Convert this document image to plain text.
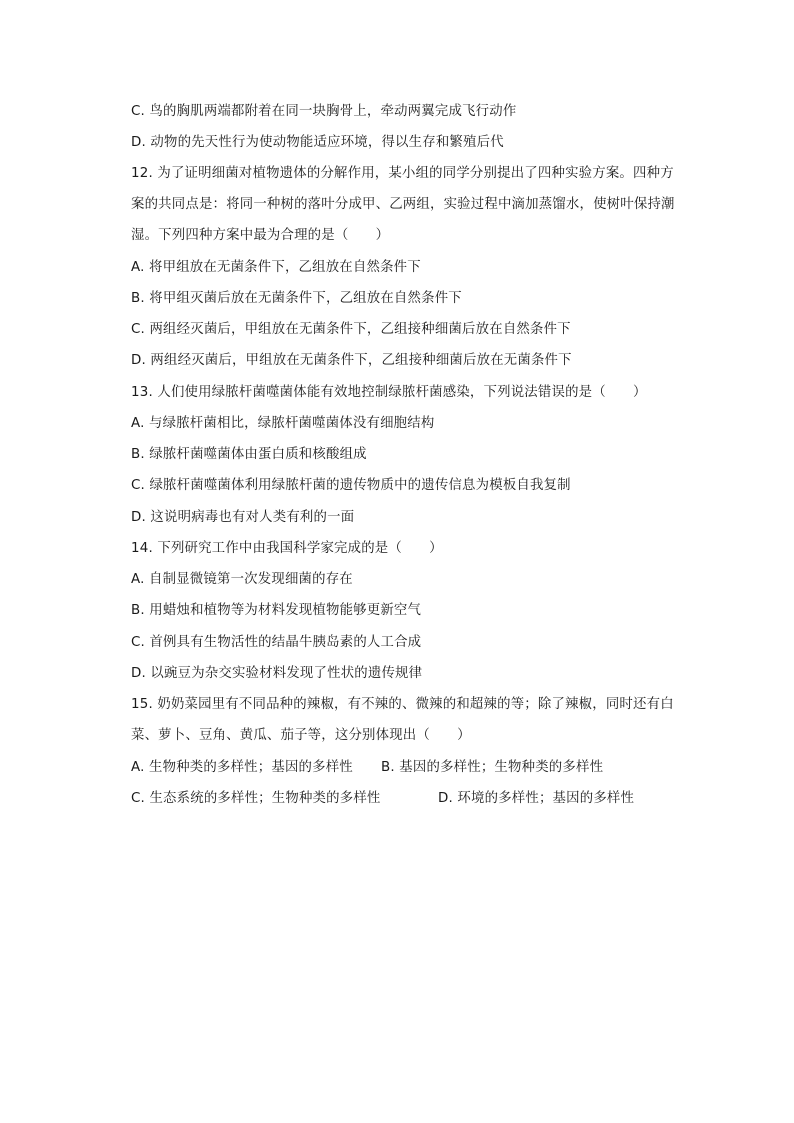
C. 鸟的胸肌两端都附着在同一块胸骨上，牵动两翼完成飞行动作
D. 动物的先天性行为使动物能适应环境，得以生存和繁殖后代
12. 为了证明细菌对植物遗体的分解作用，某小组的同学分别提出了四种实验方案。四种方
案的共同点是：将同一种树的落叶分成甲、乙两组，实验过程中滴加蒸馏水，使树叶保持潮
湿。下列四种方案中最为合理的是（　　）
A. 将甲组放在无菌条件下，乙组放在自然条件下
B. 将甲组灭菌后放在无菌条件下，乙组放在自然条件下
C. 两组经灭菌后，甲组放在无菌条件下，乙组接种细菌后放在自然条件下
D. 两组经灭菌后，甲组放在无菌条件下，乙组接种细菌后放在无菌条件下
13. 人们使用绿脓杆菌噬菌体能有效地控制绿脓杆菌感染，下列说法错误的是（　　）
A. 与绿脓杆菌相比，绿脓杆菌噬菌体没有细胞结构
B. 绿脓杆菌噬菌体由蛋白质和核酸组成
C. 绿脓杆菌噬菌体利用绿脓杆菌的遗传物质中的遗传信息为模板自我复制
D. 这说明病毒也有对人类有利的一面
14. 下列研究工作中由我国科学家完成的是（　　）
A. 自制显微镜第一次发现细菌的存在
B. 用蜡烛和植物等为材料发现植物能够更新空气
C. 首例具有生物活性的结晶牛胰岛素的人工合成
D. 以豌豆为杂交实验材料发现了性状的遗传规律
15. 奶奶菜园里有不同品种的辣椒，有不辣的、微辣的和超辣的等；除了辣椒，同时还有白
菜、萝卜、豆角、黄瓜、茄子等，这分别体现出（　　）
A. 生物种类的多样性；基因的多样性 B. 基因的多样性；生物种类的多样性
C. 生态系统的多样性；生物种类的多样性	D. 环境的多样性；基因的多样性
